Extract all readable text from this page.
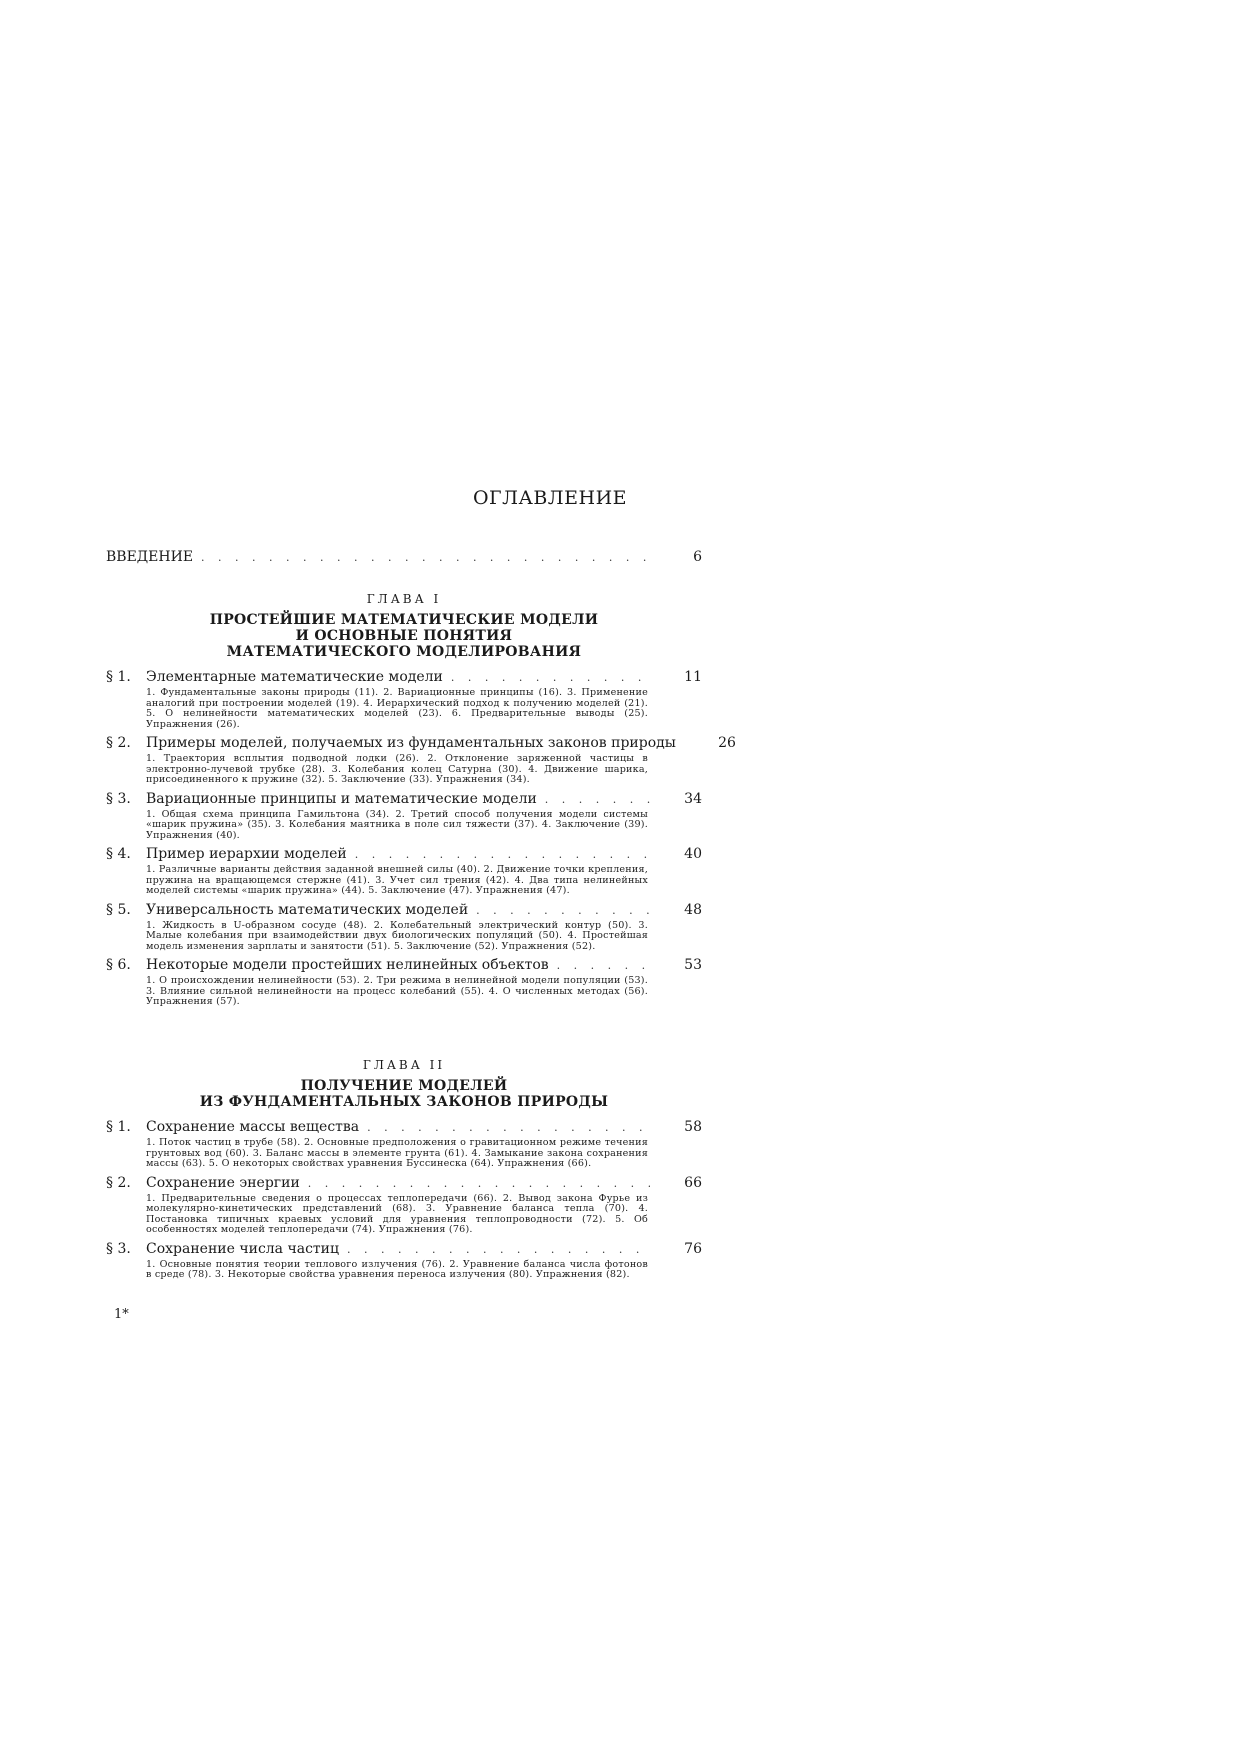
ОГЛАВЛЕНИЕ
ВВЕДЕНИЕ . . .	6
ГЛАВА I
ПРОСТЕЙШИЕ МАТЕМАТИЧЕСКИЕ МОДЕЛИ
И ОСНОВНЫЕ ПОНЯТИЯ
МАТЕМАТИЧЕСКОГО МОДЕЛИРОВАНИЯ
§ 1.	Элементарные математические модели . . .	11
1. Фундаментальные законы природы (11). 2. Вариационные принципы (16). 3. Применение аналогий при построении моделей (19). 4. Иерархический подход к получению моделей (21). 5. О нелинейности математических моделей (23). 6. Предварительные выводы (25). Упражнения (26).
§ 2.	Примеры моделей, получаемых из фундаментальных законов природы	26
1. Траектория всплытия подводной лодки (26). 2. Отклонение заряженной частицы в электронно-лучевой трубке (28). 3. Колебания колец Сатурна (30). 4. Движение шарика, присоединенного к пружине (32). 5. Заключение (33). Упражнения (34).
§ 3.	Вариационные принципы и математические модели . . .	34
1. Общая схема принципа Гамильтона (34). 2. Третий способ получения модели системы «шарик пружина» (35). 3. Колебания маятника в поле сил тяжести (37). 4. Заключение (39). Упражнения (40).
§ 4.	Пример иерархии моделей . . .	40
1. Различные варианты действия заданной внешней силы (40). 2. Движение точки крепления, пружина на вращающемся стержне (41). 3. Учет сил трения (42). 4. Два типа нелинейных моделей системы «шарик пружина» (44). 5. Заключение (47). Упражнения (47).
§ 5.	Универсальность математических моделей . . .	48
1. Жидкость в U-образном сосуде (48). 2. Колебательный электрический контур (50). 3. Малые колебания при взаимодействии двух биологических популяций (50). 4. Простейшая модель изменения зарплаты и занятости (51). 5. Заключение (52). Упражнения (52).
§ 6.	Некоторые модели простейших нелинейных объектов . . .	53
1. О происхождении нелинейности (53). 2. Три режима в нелинейной модели популяции (53). 3. Влияние сильной нелинейности на процесс колебаний (55). 4. О численных методах (56). Упражнения (57).
ГЛАВА II
ПОЛУЧЕНИЕ МОДЕЛЕЙ
ИЗ ФУНДАМЕНТАЛЬНЫХ ЗАКОНОВ ПРИРОДЫ
§ 1.	Сохранение массы вещества . . .	58
1. Поток частиц в трубе (58). 2. Основные предположения о гравитационном режиме течения грунтовых вод (60). 3. Баланс массы в элементе грунта (61). 4. Замыкание закона сохранения массы (63). 5. О некоторых свойствах уравнения Буссинеска (64). Упражнения (66).
§ 2.	Сохранение энергии . . .	66
1. Предварительные сведения о процессах теплопередачи (66). 2. Вывод закона Фурье из молекулярно-кинетических представлений (68). 3. Уравнение баланса тепла (70). 4. Постановка типичных краевых условий для уравнения теплопроводности (72). 5. Об особенностях моделей теплопередачи (74). Упражнения (76).
§ 3.	Сохранение числа частиц . . .	76
1. Основные понятия теории теплового излучения (76). 2. Уравнение баланса числа фотонов в среде (78). 3. Некоторые свойства уравнения переноса излучения (80). Упражнения (82).
1*
